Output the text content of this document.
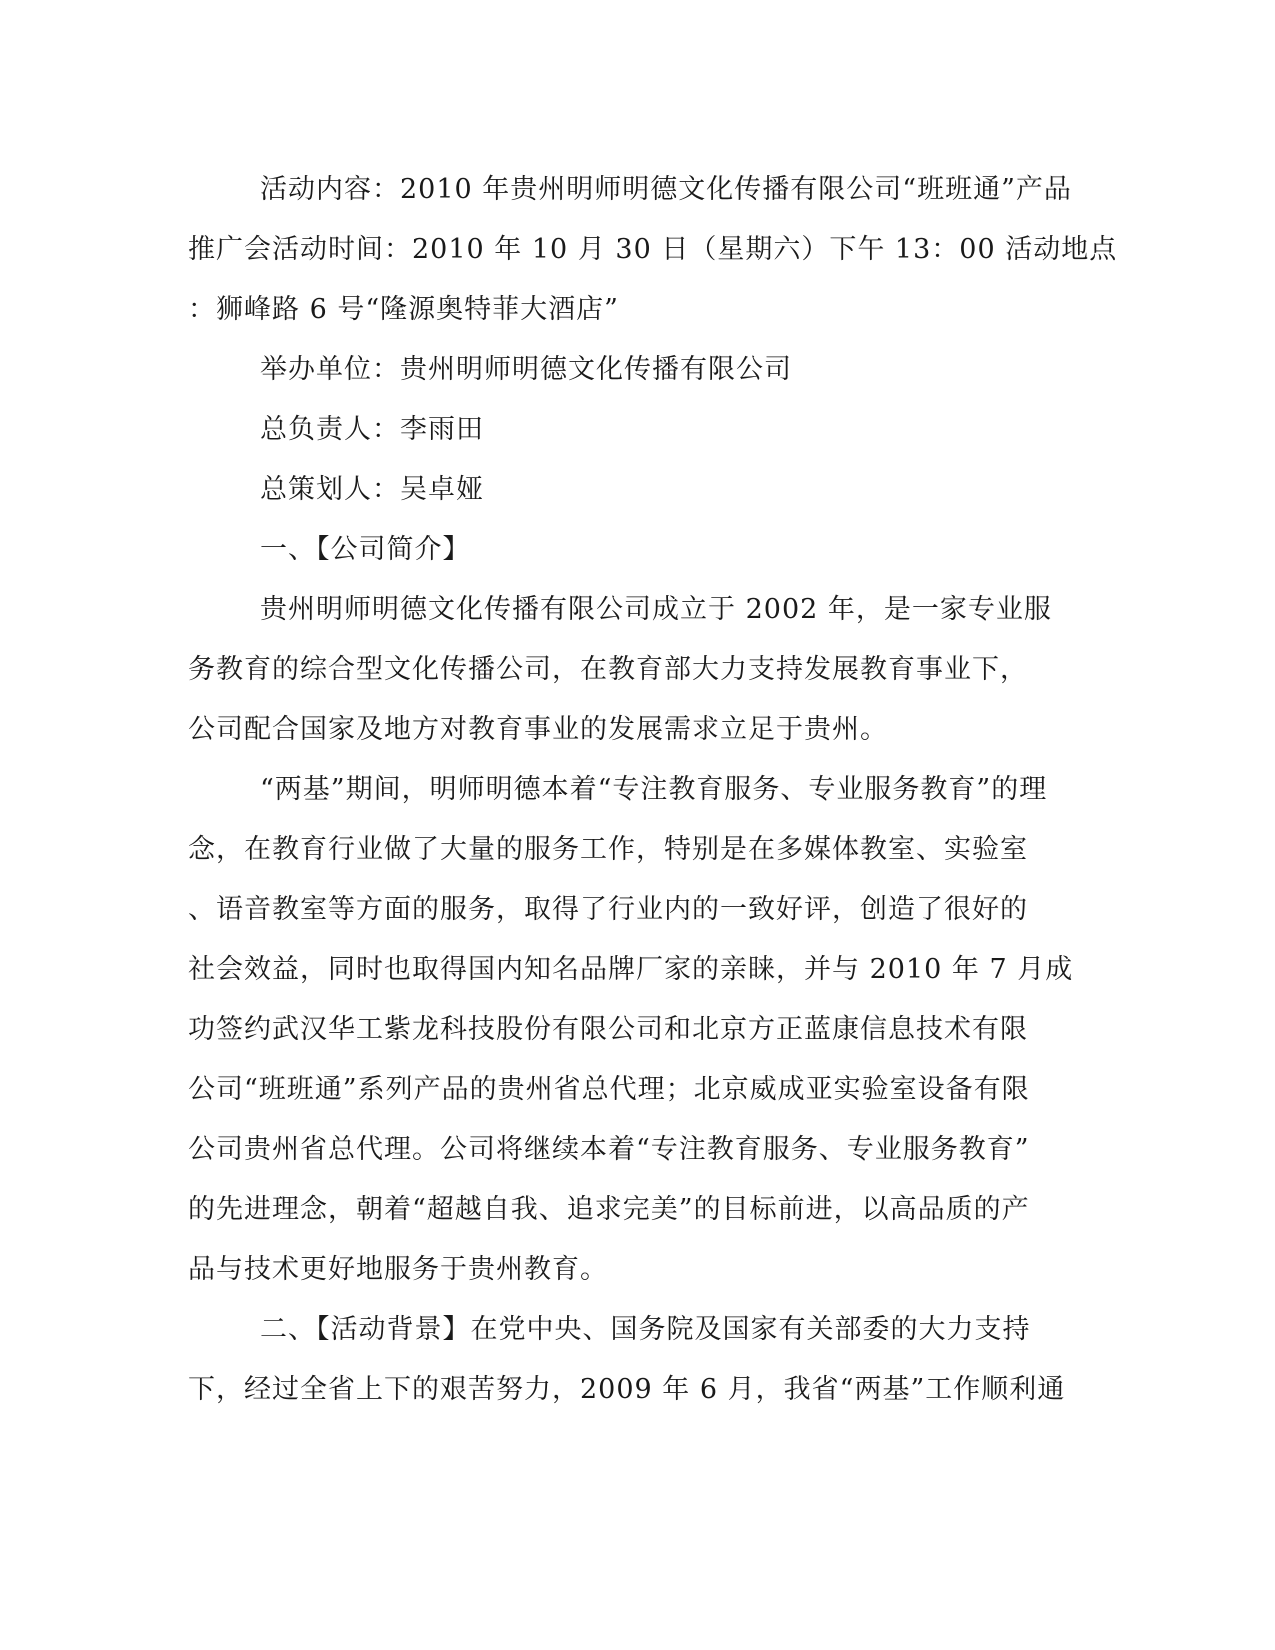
活动内容：2010 年贵州明师明德文化传播有限公司“班班通”产品
推广会活动时间：2010 年 10 月 30 日（星期六）下午 13：00 活动地点
：狮峰路 6 号“隆源奥特菲大酒店”
举办单位：贵州明师明德文化传播有限公司
总负责人：李雨田
总策划人：吴卓娅
一、【公司简介】
贵州明师明德文化传播有限公司成立于 2002 年，是一家专业服
务教育的综合型文化传播公司，在教育部大力支持发展教育事业下，
公司配合国家及地方对教育事业的发展需求立足于贵州。
“两基”期间，明师明德本着“专注教育服务、专业服务教育”的理
念，在教育行业做了大量的服务工作，特别是在多媒体教室、实验室
、语音教室等方面的服务，取得了行业内的一致好评，创造了很好的
社会效益，同时也取得国内知名品牌厂家的亲睐，并与 2010 年 7 月成
功签约武汉华工紫龙科技股份有限公司和北京方正蓝康信息技术有限
公司“班班通”系列产品的贵州省总代理；北京威成亚实验室设备有限
公司贵州省总代理。公司将继续本着“专注教育服务、专业服务教育”
的先进理念，朝着“超越自我、追求完美”的目标前进，以高品质的产
品与技术更好地服务于贵州教育。
二、【活动背景】在党中央、国务院及国家有关部委的大力支持
下，经过全省上下的艰苦努力，2009 年 6 月，我省“两基”工作顺利通
